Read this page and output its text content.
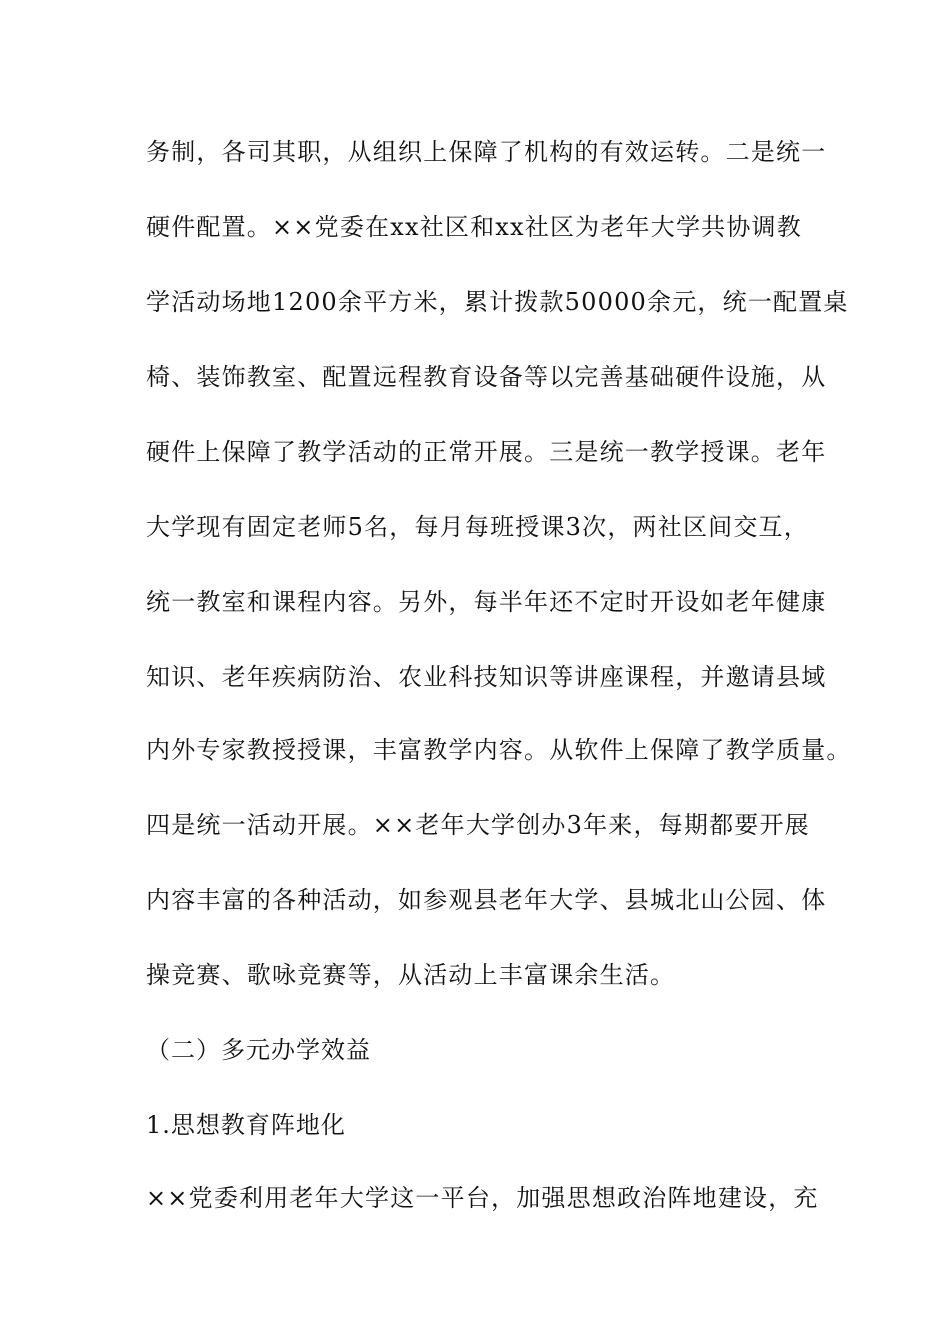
务制，各司其职，从组织上保障了机构的有效运转。二是统一
硬件配置。××党委在xx社区和xx社区为老年大学共协调教
学活动场地1200余平方米，累计拨款50000余元，统一配置桌
椅、装饰教室、配置远程教育设备等以完善基础硬件设施，从
硬件上保障了教学活动的正常开展。三是统一教学授课。老年
大学现有固定老师5名，每月每班授课3次，两社区间交互，
统一教室和课程内容。另外，每半年还不定时开设如老年健康
知识、老年疾病防治、农业科技知识等讲座课程，并邀请县域
内外专家教授授课，丰富教学内容。从软件上保障了教学质量。
四是统一活动开展。××老年大学创办3年来，每期都要开展
内容丰富的各种活动，如参观县老年大学、县城北山公园、体
操竞赛、歌咏竞赛等，从活动上丰富课余生活。
（二）多元办学效益
1.思想教育阵地化
××党委利用老年大学这一平台，加强思想政治阵地建设，充
